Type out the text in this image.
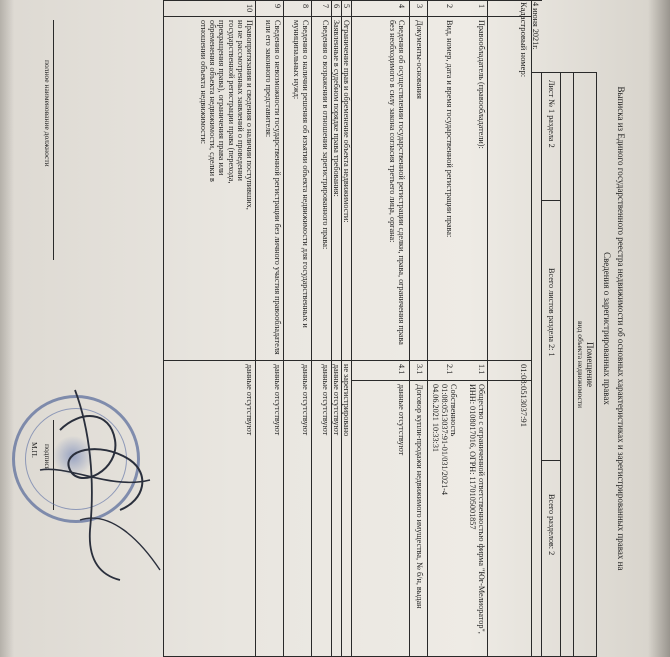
Выписка из Единого государственного реестра недвижимости об основных характеристиках и зарегистрированных правах на
Сведения о зарегистрированных правах
Помещение
вид объекта недвижимости
Лист № 1 раздела 2
Всего листов раздела 2: 1
Всего разделов: 2
4 июня 2021г.
Кадастровый номер:
01:08:0513037:91
1
Правообладатель (правообладатели):
1.1
Общество с ограниченной ответственностью фирма "Юг-Мелиоратор", ИНН: 0108017016, ОГРН: 1170105001857
2
Вид, номер, дата и время государственной регистрации права:
2.1
Собственность
01:08:0513037:91-01/031/2021-4
04.06.2021 10:33:31
3
Документы-основания
3.1
Договор купли-продажи недвижимого имущества, № б/н, выдан
4
Сведения об осуществлении государственной регистрации сделки, права, ограничения права без необходимого в силу закона согласия третьего лица, органа:
4.1
данные отсутствуют
5
Ограничение прав и обременение объекта недвижимости:
не зарегистрировано
6
Заявленные в судебном порядке права требования:
данные отсутствуют
7
Сведения о возражении в отношении зарегистрированного права:
данные отсутствуют
8
Сведения о наличии решения об изъятии объекта недвижимости для государственных и муниципальных нужд:
данные отсутствуют
9
Сведения о невозможности государственной регистрации без личного участия правообладателя или его законного представителя:
данные отсутствуют
10
Правопритязания и сведения о наличии поступивших, но не рассмотренных заявлений о проведении государственной регистрации права (перехода, прекращения права), ограничения права или обременения объекта недвижимости, сделки в отношении объекта недвижимости:
данные отсутствуют
полное наименование должности
подпись
М.П.
